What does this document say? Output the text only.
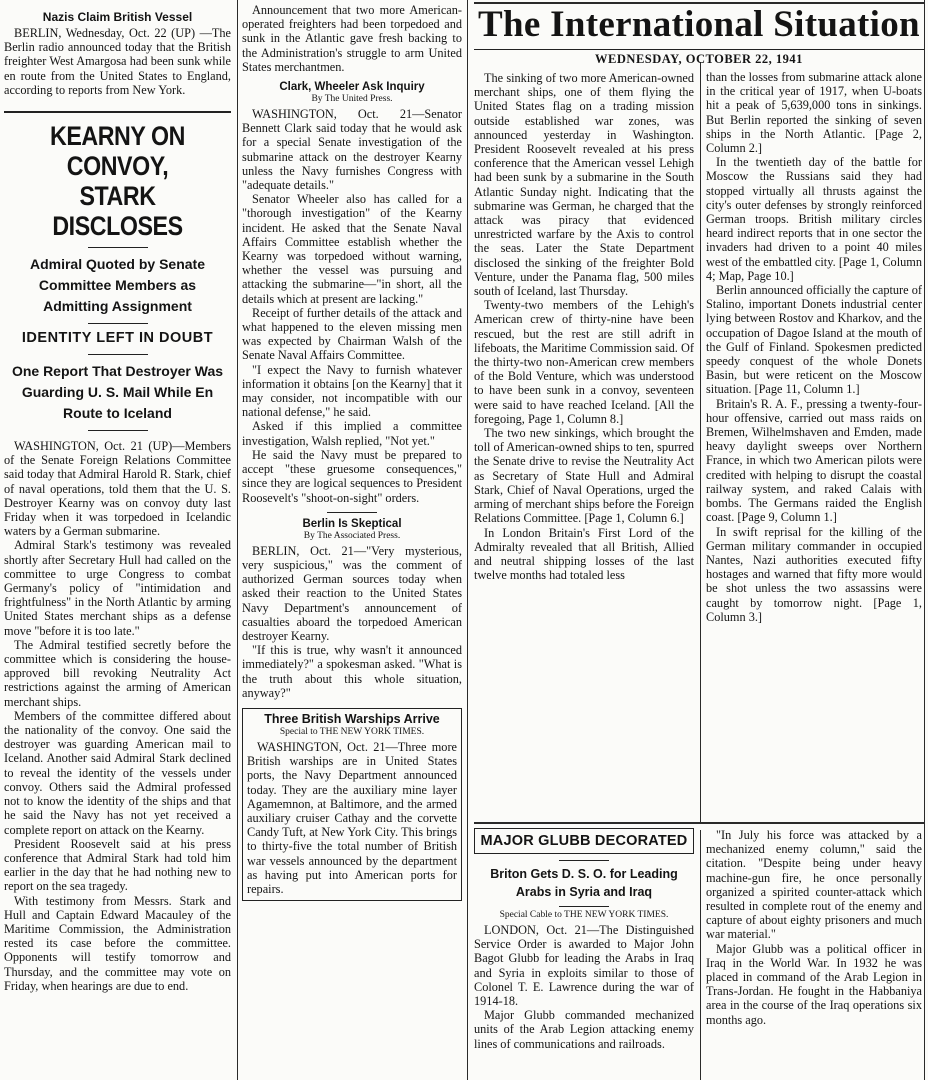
Nazis Claim British Vessel

BERLIN, Wednesday, Oct. 22 (UP) —The Berlin radio announced today that the British freighter West Amargosa had been sunk while en route from the United States to England, according to reports from New York.

KEARNY ON CONVOY,
STARK DISCLOSES
Admiral Quoted by Senate Committee Members as Admitting Assignment
IDENTITY LEFT IN DOUBT
One Report That Destroyer Was Guarding U. S. Mail While En Route to Iceland

WASHINGTON, Oct. 21 (UP)—Members of the Senate Foreign Relations Committee said today that Admiral Harold R. Stark, chief of naval operations, told them that the U. S. Destroyer Kearny was on convoy duty last Friday when it was torpedoed in Icelandic waters by a German submarine.

Admiral Stark's testimony was revealed shortly after Secretary Hull had called on the committee to urge Congress to combat Germany's policy of "intimidation and frightfulness" in the North Atlantic by arming United States merchant ships as a defense move "before it is too late."

The Admiral testified secretly before the committee which is considering the house-approved bill revoking Neutrality Act restrictions against the arming of American merchant ships.

Members of the committee differed about the nationality of the convoy. One said the destroyer was guarding American mail to Iceland. Another said Admiral Stark declined to reveal the identity of the vessels under convoy. Others said the Admiral professed not to know the identity of the ships and that he said the Navy has not yet received a complete report on attack on the Kearny.

President Roosevelt said at his press conference that Admiral Stark had told him earlier in the day that he had nothing new to report on the sea tragedy.

With testimony from Messrs. Stark and Hull and Captain Edward Macauley of the Maritime Commission, the Administration rested its case before the committee. Opponents will testify tomorrow and Thursday, and the committee may vote on Friday, when hearings are due to end.

Announcement that two more American-operated freighters had been torpedoed and sunk in the Atlantic gave fresh backing to the Administration's struggle to arm United States merchantmen.

Clark, Wheeler Ask Inquiry
By The United Press.

WASHINGTON, Oct. 21—Senator Bennett Clark said today that he would ask for a special Senate investigation of the submarine attack on the destroyer Kearny unless the Navy furnishes Congress with "adequate details."

Senator Wheeler also has called for a "thorough investigation" of the Kearny incident. He asked that the Senate Naval Affairs Committee establish whether the Kearny was torpedoed without warning, whether the vessel was pursuing and attacking the submarine—"in short, all the details which at present are lacking."

Receipt of further details of the attack and what happened to the eleven missing men was expected by Chairman Walsh of the Senate Naval Affairs Committee.

"I expect the Navy to furnish whatever information it obtains [on the Kearny] that it may consider, not incompatible with our national defense," he said.

Asked if this implied a committee investigation, Walsh replied, "Not yet."

He said the Navy must be prepared to accept "these gruesome consequences," since they are logical sequences to President Roosevelt's "shoot-on-sight" orders.

Berlin Is Skeptical
By The Associated Press.

BERLIN, Oct. 21—"Very mysterious, very suspicious," was the comment of authorized German sources today when asked their reaction to the United States Navy Department's announcement of casualties aboard the torpedoed American destroyer Kearny.

"If this is true, why wasn't it announced immediately?" a spokesman asked. "What is the truth about this whole situation, anyway?"

Three British Warships Arrive
Special to THE NEW YORK TIMES.

WASHINGTON, Oct. 21—Three more British warships are in United States ports, the Navy Department announced today. They are the auxiliary mine layer Agamemnon, at Baltimore, and the armed auxiliary cruiser Cathay and the corvette Candy Tuft, at New York City. This brings to thirty-five the total number of British war vessels announced by the department as having put into American ports for repairs.

The International Situation
WEDNESDAY, OCTOBER 22, 1941

The sinking of two more American-owned merchant ships, one of them flying the United States flag on a trading mission outside established war zones, was announced yesterday in Washington. President Roosevelt revealed at his press conference that the American vessel Lehigh had been sunk by a submarine in the South Atlantic Sunday night. Indicating that the submarine was German, he charged that the attack was piracy that evidenced unrestricted warfare by the Axis to control the seas. Later the State Department disclosed the sinking of the freighter Bold Venture, under the Panama flag, 500 miles south of Iceland, last Thursday.

Twenty-two members of the Lehigh's American crew of thirty-nine have been rescued, but the rest are still adrift in lifeboats, the Maritime Commission said. Of the thirty-two non-American crew members of the Bold Venture, which was understood to have been sunk in a convoy, seventeen were said to have reached Iceland. [All the foregoing, Page 1, Column 8.]

The two new sinkings, which brought the toll of American-owned ships to ten, spurred the Senate drive to revise the Neutrality Act as Secretary of State Hull and Admiral Stark, Chief of Naval Operations, urged the arming of merchant ships before the Foreign Relations Committee. [Page 1, Column 6.]

In London Britain's First Lord of the Admiralty revealed that all British, Allied and neutral shipping losses of the last twelve months had totaled less

than the losses from submarine attack alone in the critical year of 1917, when U-boats hit a peak of 5,639,000 tons in sinkings. But Berlin reported the sinking of seven ships in the North Atlantic. [Page 2, Column 2.]

In the twentieth day of the battle for Moscow the Russians said they had stopped virtually all thrusts against the city's outer defenses by strongly reinforced German troops. British military circles heard indirect reports that in one sector the invaders had driven to a point 40 miles west of the embattled city. [Page 1, Column 4; Map, Page 10.]

Berlin announced officially the capture of Stalino, important Donets industrial center lying between Rostov and Kharkov, and the occupation of Dagoe Island at the mouth of the Gulf of Finland. Spokesmen predicted speedy conquest of the whole Donets Basin, but were reticent on the Moscow situation. [Page 11, Column 1.]

Britain's R. A. F., pressing a twenty-four-hour offensive, carried out mass raids on Bremen, Wilhelmshaven and Emden, made heavy daylight sweeps over Northern France, in which two American pilots were credited with helping to disrupt the coastal railway system, and raked Calais with bombs. The Germans raided the English coast. [Page 9, Column 1.]

In swift reprisal for the killing of the German military commander in occupied Nantes, Nazi authorities executed fifty hostages and warned that fifty more would be shot unless the two assassins were caught by tomorrow night. [Page 1, Column 3.]

MAJOR GLUBB DECORATED
Briton Gets D. S. O. for Leading Arabs in Syria and Iraq
Special Cable to THE NEW YORK TIMES.

LONDON, Oct. 21—The Distinguished Service Order is awarded to Major John Bagot Glubb for leading the Arabs in Iraq and Syria in exploits similar to those of Colonel T. E. Lawrence during the war of 1914-18.

Major Glubb commanded mechanized units of the Arab Legion attacking enemy lines of communications and railroads.

"In July his force was attacked by a mechanized enemy column," said the citation. "Despite being under heavy machine-gun fire, he once personally organized a spirited counter-attack which resulted in complete rout of the enemy and capture of about eighty prisoners and much war material."

Major Glubb was a political officer in Iraq in the World War. In 1932 he was placed in command of the Arab Legion in Trans-Jordan. He fought in the Habbaniya area in the course of the Iraq operations six months ago.
